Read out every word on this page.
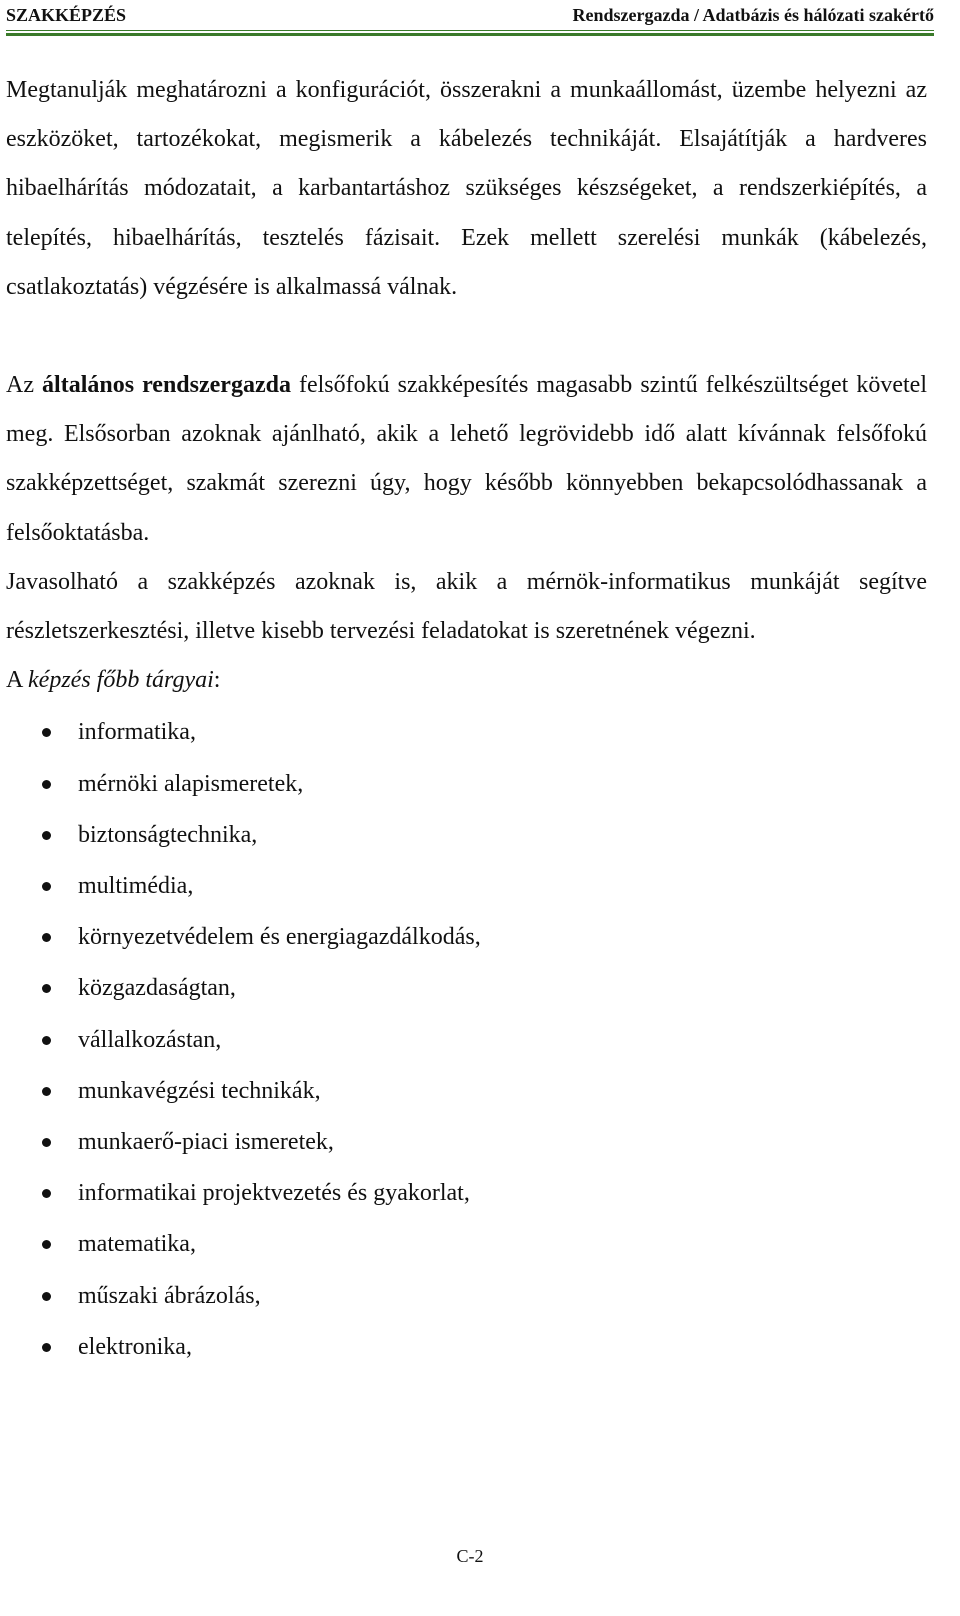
SZAKKÉPZÉS	Rendszergazda / Adatbázis és hálózati szakértő

Megtanulják meghatározni a konfigurációt, összerakni a munkaállomást, üzembe helyezni az eszközöket, tartozékokat, megismerik a kábelezés technikáját. Elsajátítják a hardveres hibaelhárítás módozatait, a karbantartáshoz szükséges készségeket, a rendszerkiépítés, a telepítés, hibaelhárítás, tesztelés fázisait. Ezek mellett szerelési munkák (kábelezés, csatlakoztatás) végzésére is alkalmassá válnak.

Az általános rendszergazda felsőfokú szakképesítés magasabb szintű felkészültséget követel meg. Elsősorban azoknak ajánlható, akik a lehető legrövidebb idő alatt kívánnak felsőfokú szakképzettséget, szakmát szerezni úgy, hogy később könnyebben bekapcsolódhassanak a felsőoktatásba.

Javasolható a szakképzés azoknak is, akik a mérnök-informatikus munkáját segítve részletszerkesztési, illetve kisebb tervezési feladatokat is szeretnének végezni.

A képzés főbb tárgyai:

informatika,
mérnöki alapismeretek,
biztonságtechnika,
multimédia,
környezetvédelem és energiagazdálkodás,
közgazdaságtan,
vállalkozástan,
munkavégzési technikák,
munkaerő-piaci ismeretek,
informatikai projektvezetés és gyakorlat,
matematika,
műszaki ábrázolás,
elektronika,
C-2
